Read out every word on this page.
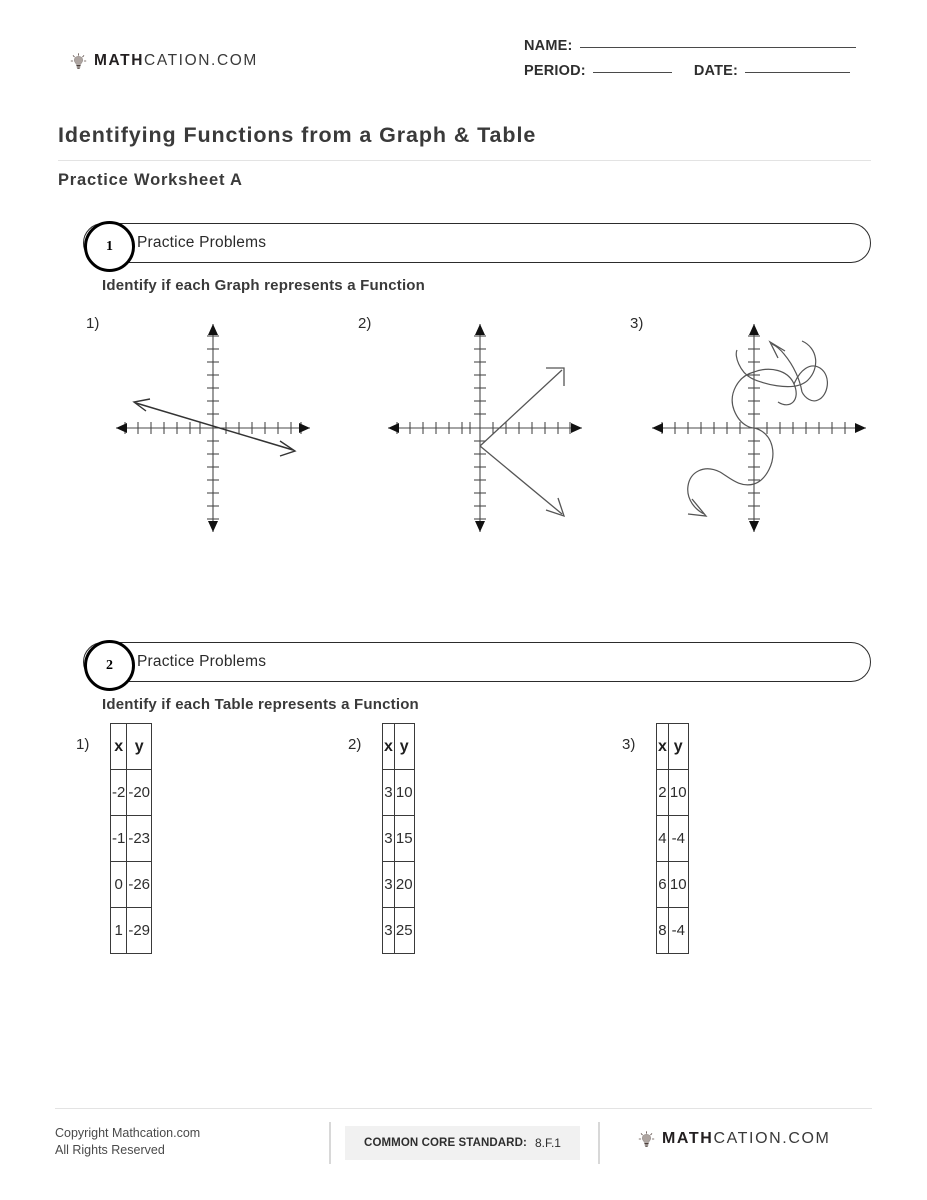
MATHCATION.COM
NAME:
PERIOD:	DATE:
Identifying Functions from a Graph & Table
Practice Worksheet A
1	Practice Problems
Identify if each Graph represents a Function
1)	2)	3)
2	Practice Problems
Identify if each Table represents a Function
1) x	y
-2	-20
-1	-23
0	-26
1	-29
2) x	y
3	10
3	15
3	20
3	25
3) x	y
2	10
4	-4
6	10
8	-4
Copyright Mathcation.com
All Rights Reserved	COMMON CORE STANDARD: 8.F.1	MATHCATION.COM
